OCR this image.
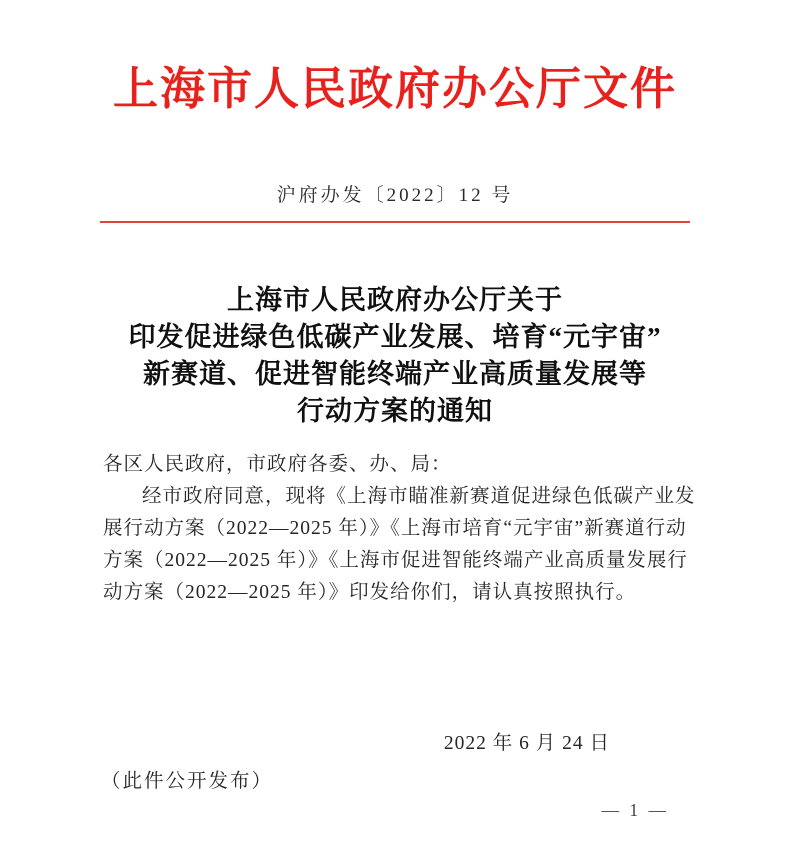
上海市人民政府办公厅文件
沪府办发〔2022〕12 号
上海市人民政府办公厅关于
印发促进绿色低碳产业发展、培育“元宇宙”
新赛道、促进智能终端产业高质量发展等
行动方案的通知
各区人民政府，市政府各委、办、局：
经市政府同意，现将《上海市瞄准新赛道促进绿色低碳产业发
展行动方案（2022—2025 年）》《上海市培育“元宇宙”新赛道行动
方案（2022—2025 年）》《上海市促进智能终端产业高质量发展行
动方案（2022—2025 年）》印发给你们，请认真按照执行。
2022 年 6 月 24 日
（此件公开发布）
— 1 —
